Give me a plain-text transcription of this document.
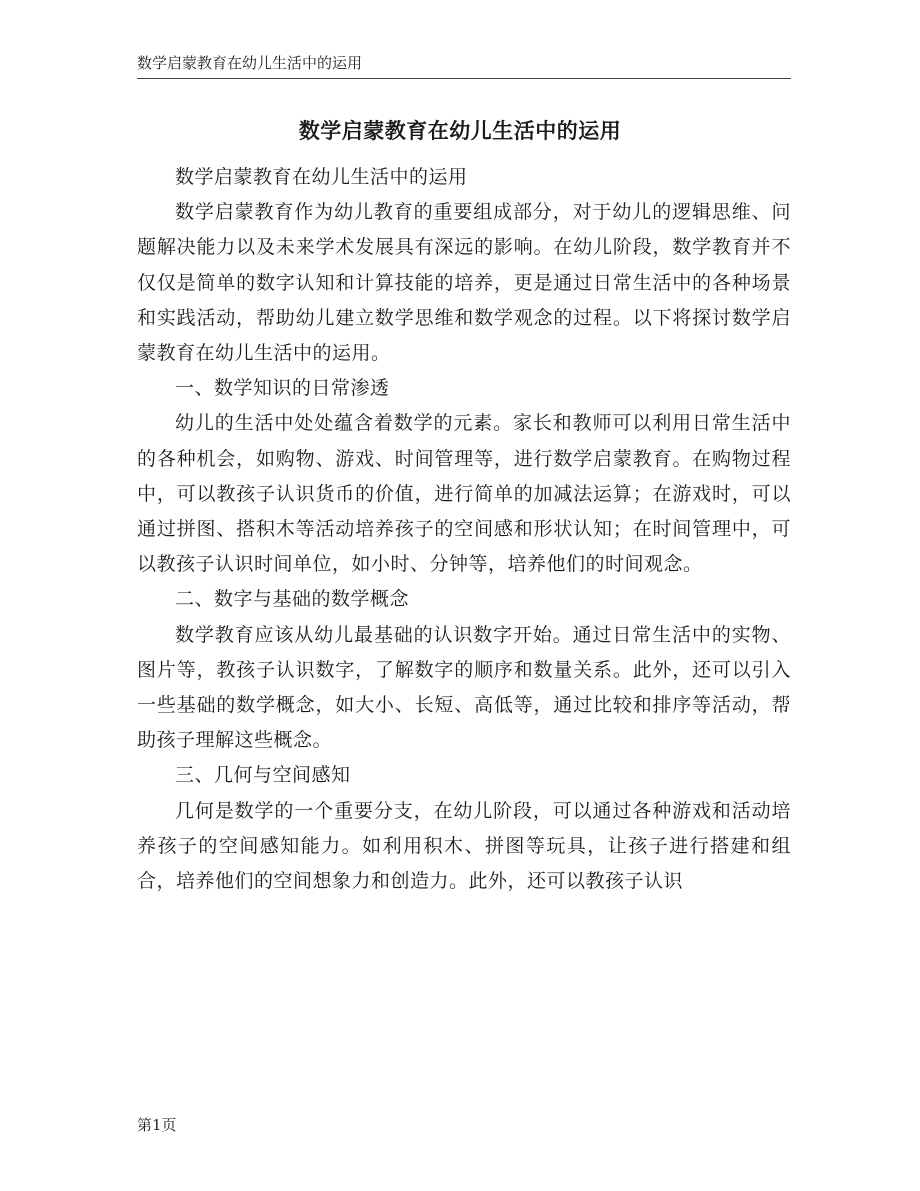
数学启蒙教育在幼儿生活中的运用
数学启蒙教育在幼儿生活中的运用

数学启蒙教育在幼儿生活中的运用

数学启蒙教育作为幼儿教育的重要组成部分，对于幼儿的逻辑思维、问题解决能力以及未来学术发展具有深远的影响。在幼儿阶段，数学教育并不仅仅是简单的数字认知和计算技能的培养，更是通过日常生活中的各种场景和实践活动，帮助幼儿建立数学思维和数学观念的过程。以下将探讨数学启蒙教育在幼儿生活中的运用。

一、数学知识的日常渗透

幼儿的生活中处处蕴含着数学的元素。家长和教师可以利用日常生活中的各种机会，如购物、游戏、时间管理等，进行数学启蒙教育。在购物过程中，可以教孩子认识货币的价值，进行简单的加减法运算；在游戏时，可以通过拼图、搭积木等活动培养孩子的空间感和形状认知；在时间管理中，可以教孩子认识时间单位，如小时、分钟等，培养他们的时间观念。

二、数字与基础的数学概念

数学教育应该从幼儿最基础的认识数字开始。通过日常生活中的实物、图片等，教孩子认识数字，了解数字的顺序和数量关系。此外，还可以引入一些基础的数学概念，如大小、长短、高低等，通过比较和排序等活动，帮助孩子理解这些概念。

三、几何与空间感知

几何是数学的一个重要分支，在幼儿阶段，可以通过各种游戏和活动培养孩子的空间感知能力。如利用积木、拼图等玩具，让孩子进行搭建和组合，培养他们的空间想象力和创造力。此外，还可以教孩子认识

第1页
